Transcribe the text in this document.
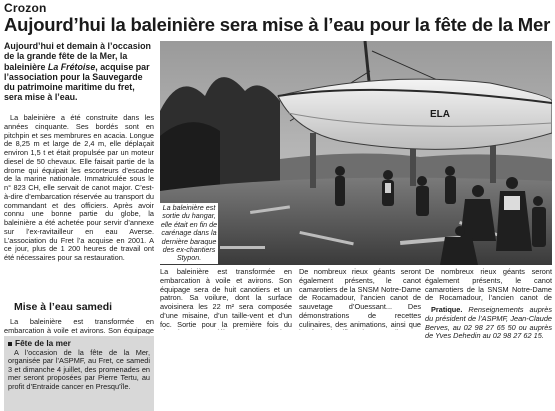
Crozon
Aujourd’hui la baleinière sera mise à l’eau pour la fête de la Mer
Aujourd’hui et demain à l’occasion de la grande fête de la Mer, la baleinière La Frétoise, acquise par l’association pour la Sauvegarde du patrimoine maritime du fret, sera mise à l’eau.

La baleinière a été construite dans les années cinquante. Ses bordés sont en pitchpin et ses membrures en acacia. Longue de 8,25 m et large de 2,4 m, elle déplaçait environ 1,5 t et était propulsée par un moteur diesel de 50 chevaux. Elle faisait partie de la drome qui équipait les escorteurs d’escadre de la marine nationale. Immatriculée sous le n° 823 CH, elle servait de canot major. C’est-à-dire d’embarcation réservée au transport du commandant et des officiers. Après avoir connu une bonne partie du globe, la baleinière a été achetée pour servir d’annexe sur l’ex-ravitailleur en eau Averse. L’association du Fret l’a acquise en 2001. A ce jour, plus de 1 200 heures de travail ont été nécessaires pour sa restauration.

ELA
La baleinière est sortie du hangar, elle était en fin de carénage dans la dernière baraque des ex-chantiers Stypon.
Mise à l’eau samedi

La baleinière est transformée en embarcation à voile et avirons. Son équipage

La baleinière est transformée en embarcation à voile et avirons. Son équipage sera de huit canotiers et un patron. Sa voilure, dont la surface avoisinera les 22 m² sera composée d’une misaine, d’un taille-vent et d’un foc. Sortie pour la première fois du

De nombreux rieux géants seront également présents, le canot camarotiers de la SNSM Notre-Dame de Rocamadour, l’ancien canot de sauvetage d’Ouessant... Des démonstrations de recettes culinaires, des animations, ainsi que

De nombreux rieux géants seront également présents, le canot camarotiers de la SNSM Notre-Dame de Rocamadour, l’ancien canot de

Pratique. Renseignements auprès du président de l’ASPMF, Jean-Claude Berves, au 02 98 27 65 50 ou auprès de Yves Dehedin au 02 98 27 62 15.

Fête de la mer
A l’occasion de la fête de la Mer, organisée par l’ASPMF, au Fret, ce samedi 3 et dimanche 4 juillet, des promenades en mer seront proposées par Pierre Tertu, au profit d’Entraide cancer en Presqu’île.
